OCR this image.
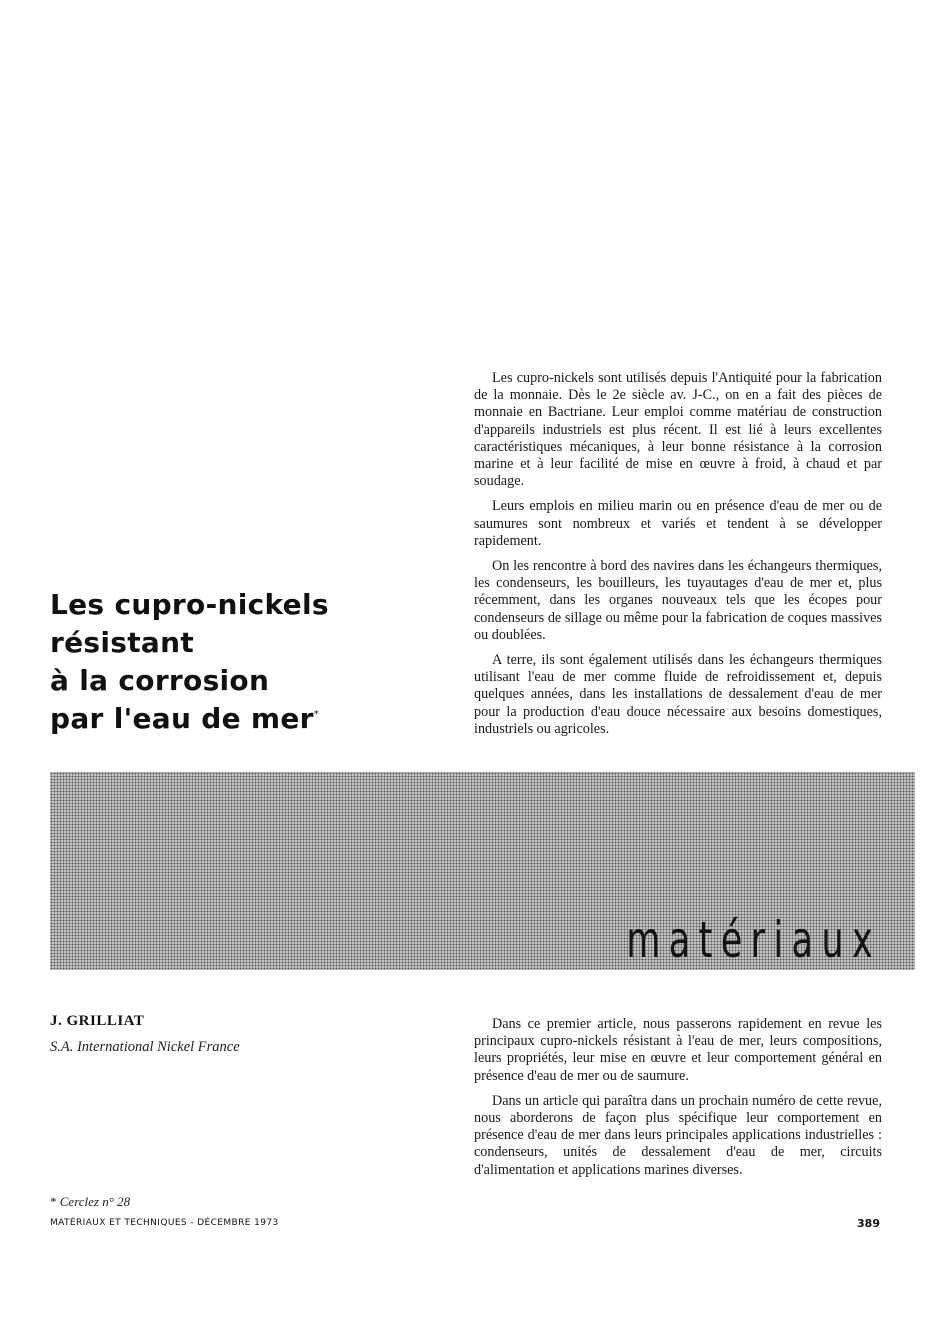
Les cupro-nickels
résistant
à la corrosion
par l'eau de mer*

Les cupro-nickels sont utilisés depuis l'Antiquité pour la fabrication de la monnaie. Dès le 2e siècle av. J-C., on en a fait des pièces de monnaie en Bactriane. Leur emploi comme matériau de construction d'appareils industriels est plus récent. Il est lié à leurs excellentes caractéristiques mécaniques, à leur bonne résistance à la corrosion marine et à leur facilité de mise en œuvre à froid, à chaud et par soudage.

Leurs emplois en milieu marin ou en présence d'eau de mer ou de saumures sont nombreux et variés et tendent à se développer rapidement.

On les rencontre à bord des navires dans les échangeurs thermiques, les condenseurs, les bouilleurs, les tuyautages d'eau de mer et, plus récemment, dans les organes nouveaux tels que les écopes pour condenseurs de sillage ou même pour la fabrication de coques massives ou doublées.

A terre, ils sont également utilisés dans les échangeurs thermiques utilisant l'eau de mer comme fluide de refroidissement et, depuis quelques années, dans les installations de dessalement d'eau de mer pour la production d'eau douce nécessaire aux besoins domestiques, industriels ou agricoles.

matériaux
J. GRILLIAT
S.A. International Nickel France

Dans ce premier article, nous passerons rapidement en revue les principaux cupro-nickels résistant à l'eau de mer, leurs compositions, leurs propriétés, leur mise en œuvre et leur comportement général en présence d'eau de mer ou de saumure.

Dans un article qui paraîtra dans un prochain numéro de cette revue, nous aborderons de façon plus spécifique leur comportement en présence d'eau de mer dans leurs principales applications industrielles : condenseurs, unités de dessalement d'eau de mer, circuits d'alimentation et applications marines diverses.

* Cerclez n° 28
MATÉRIAUX ET TECHNIQUES - DÉCEMBRE 1973	389
